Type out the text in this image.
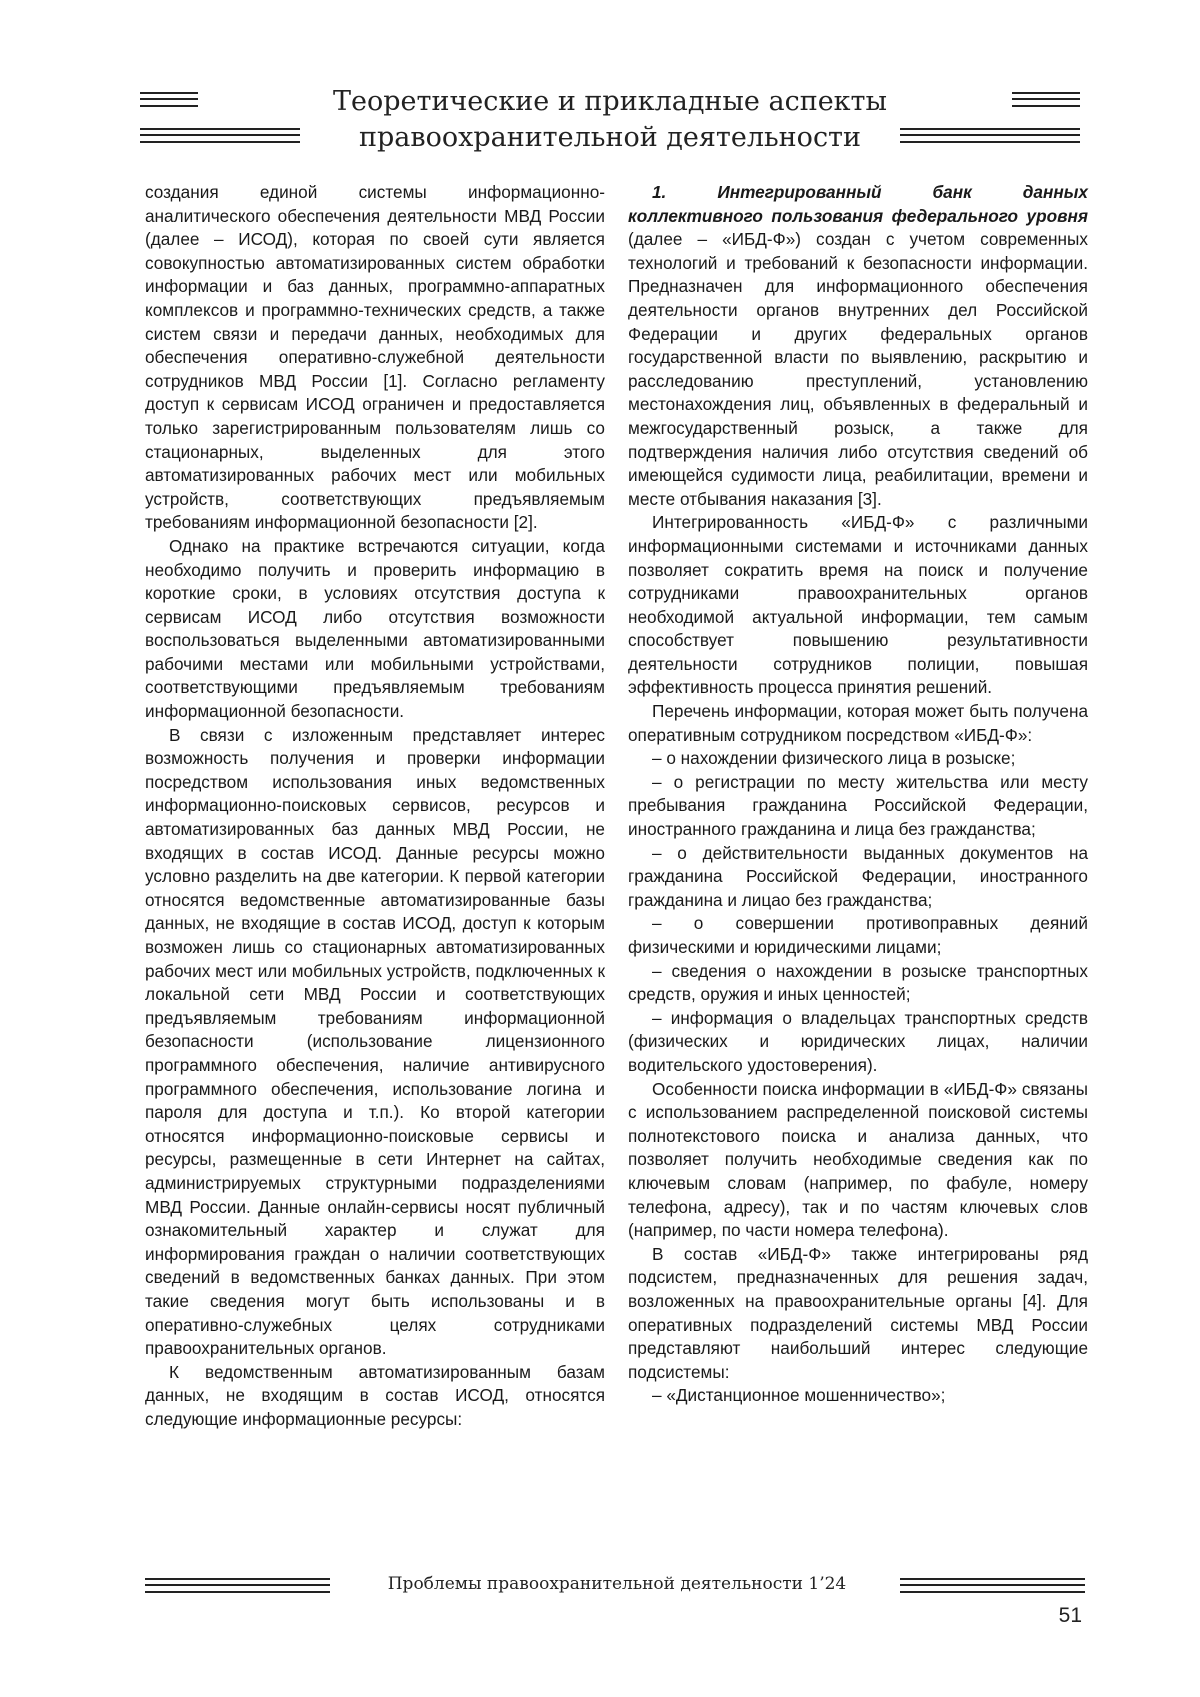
Теоретические и прикладные аспекты
правоохранительной деятельности

создания единой системы информационно-аналитического обеспечения деятельности МВД России (далее – ИСОД), которая по своей сути является совокупностью автоматизированных систем обработки информации и баз данных, программно-аппаратных комплексов и программно-технических средств, а также систем связи и передачи данных, необходимых для обеспечения оперативно-служебной деятельности сотрудников МВД России [1]. Согласно регламенту доступ к сервисам ИСОД ограничен и предоставляется только зарегистрированным пользователям лишь со стационарных, выделенных для этого автоматизированных рабочих мест или мобильных устройств, соответствующих предъявляемым требованиям информационной безопасности [2].

Однако на практике встречаются ситуации, когда необходимо получить и проверить информацию в короткие сроки, в условиях отсутствия доступа к сервисам ИСОД либо отсутствия возможности воспользоваться выделенными автоматизированными рабочими местами или мобильными устройствами, соответствующими предъявляемым требованиям информационной безопасности.

В связи с изложенным представляет интерес возможность получения и проверки информации посредством использования иных ведомственных информационно-поисковых сервисов, ресурсов и автоматизированных баз данных МВД России, не входящих в состав ИСОД. Данные ресурсы можно условно разделить на две категории. К первой категории относятся ведомственные автоматизированные базы данных, не входящие в состав ИСОД, доступ к которым возможен лишь со стационарных автоматизированных рабочих мест или мобильных устройств, подключенных к локальной сети МВД России и соответствующих предъявляемым требованиям информационной безопасности (использование лицензионного программного обеспечения, наличие антивирусного программного обеспечения, использование логина и пароля для доступа и т.п.). Ко второй категории относятся информационно-поисковые сервисы и ресурсы, размещенные в сети Интернет на сайтах, администрируемых структурными подразделениями МВД России. Данные онлайн-сервисы носят публичный ознакомительный характер и служат для информирования граждан о наличии соответствующих сведений в ведомственных банках данных. При этом такие сведения могут быть использованы и в оперативно-служебных целях сотрудниками правоохранительных органов.

К ведомственным автоматизированным базам данных, не входящим в состав ИСОД, относятся следующие информационные ресурсы:

1. Интегрированный банк данных коллективного пользования федерального уровня (далее – «ИБД-Ф») создан с учетом современных технологий и требований к безопасности информации. Предназначен для информационного обеспечения деятельности органов внутренних дел Российской Федерации и других федеральных органов государственной власти по выявлению, раскрытию и расследованию преступлений, установлению местонахождения лиц, объявленных в федеральный и межгосударственный розыск, а также для подтверждения наличия либо отсутствия сведений об имеющейся судимости лица, реабилитации, времени и месте отбывания наказания [3].

Интегрированность «ИБД-Ф» с различными информационными системами и источниками данных позволяет сократить время на поиск и получение сотрудниками правоохранительных органов необходимой актуальной информации, тем самым способствует повышению результативности деятельности сотрудников полиции, повышая эффективность процесса принятия решений.

Перечень информации, которая может быть получена оперативным сотрудником посредством «ИБД-Ф»:

– о нахождении физического лица в розыске;

– о регистрации по месту жительства или месту пребывания гражданина Российской Федерации, иностранного гражданина и лица без гражданства;

– о действительности выданных документов на гражданина Российской Федерации, иностранного гражданина и лицао без гражданства;

– о совершении противоправных деяний физическими и юридическими лицами;

– сведения о нахождении в розыске транспортных средств, оружия и иных ценностей;

– информация о владельцах транспортных средств (физических и юридических лицах, наличии водительского удостоверения).

Особенности поиска информации в «ИБД-Ф» связаны с использованием распределенной поисковой системы полнотекстового поиска и анализа данных, что позволяет получить необходимые сведения как по ключевым словам (например, по фабуле, номеру телефона, адресу), так и по частям ключевых слов (например, по части номера телефона).

В состав «ИБД-Ф» также интегрированы ряд подсистем, предназначенных для решения задач, возложенных на правоохранительные органы [4]. Для оперативных подразделений системы МВД России представляют наибольший интерес следующие подсистемы:

– «Дистанционное мошенничество»;

Проблемы правоохранительной деятельности 1’24
51
